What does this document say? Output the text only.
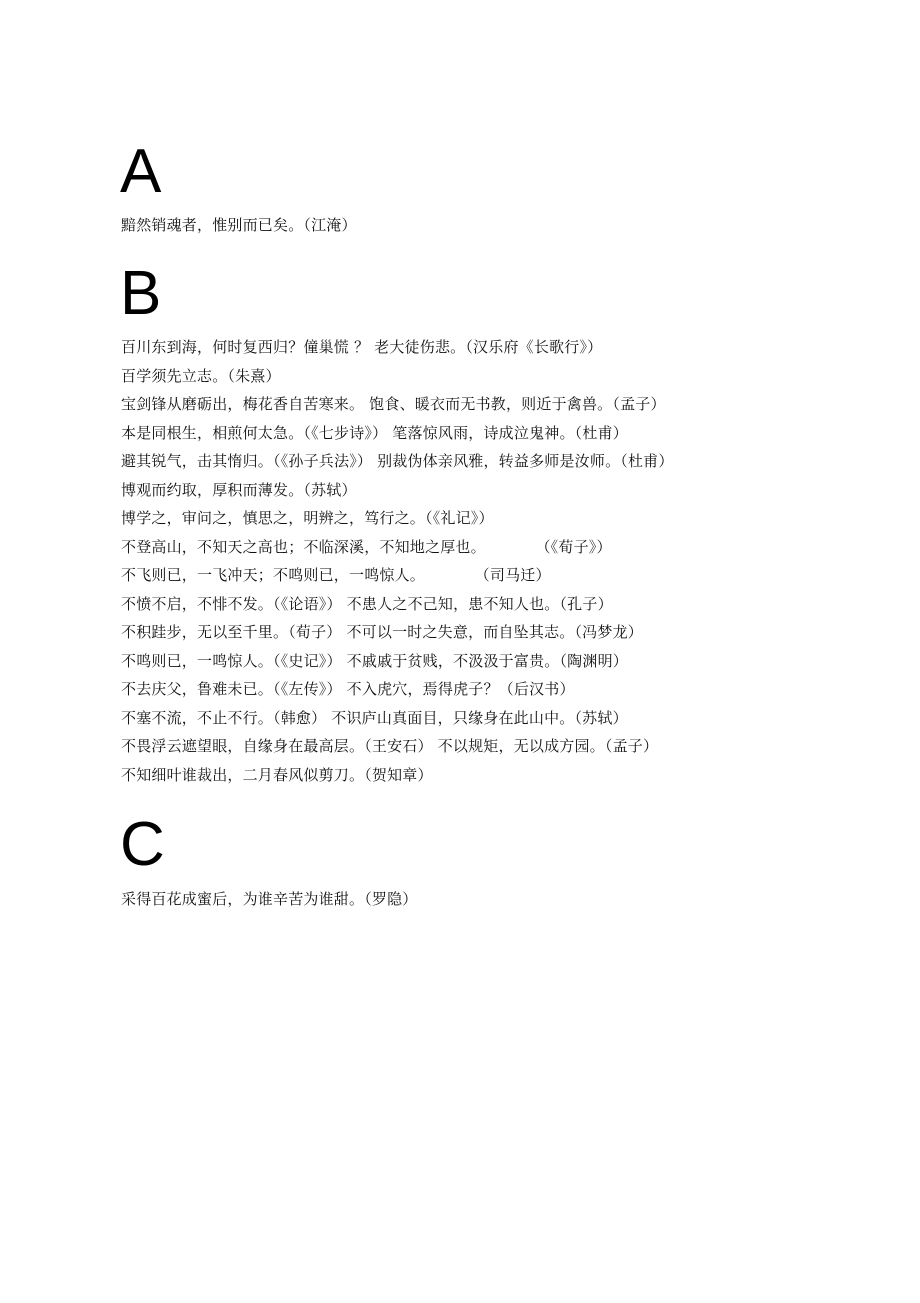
A
黯然销魂者，惟别而已矣。（江淹）
B
百川东到海，何时复西归？僮巢慌 ？ 老大徒伤悲。（汉乐府《长歌行》）
百学须先立志。（朱熹）
宝剑锋从磨砺出，梅花香自苦寒来。 饱食、暖衣而无书教，则近于禽兽。（孟子）
本是同根生，相煎何太急。（《七步诗》） 笔落惊风雨，诗成泣鬼神。（杜甫）
避其锐气，击其惰归。（《孙子兵法》） 别裁伪体亲风雅，转益多师是汝师。（杜甫）
博观而约取，厚积而薄发。（苏轼）
博学之，审问之，慎思之，明辨之，笃行之。（《礼记》）
不登高山，不知天之高也；不临深溪，不知地之厚也。          （《荀子》）
不飞则已，一飞冲天；不鸣则已，一鸣惊人。          （司马迁）
不愤不启，不悱不发。（《论语》） 不患人之不己知，患不知人也。（孔子）
不积跬步，无以至千里。（荀子） 不可以一时之失意，而自坠其志。（冯梦龙）
不鸣则已，一鸣惊人。（《史记》） 不戚戚于贫贱，不汲汲于富贵。（陶渊明）
不去庆父，鲁难未已。（《左传》） 不入虎穴，焉得虎子？（后汉书）
不塞不流，不止不行。（韩愈） 不识庐山真面目，只缘身在此山中。（苏轼）
不畏浮云遮望眼，自缘身在最高层。（王安石） 不以规矩，无以成方园。（孟子）
不知细叶谁裁出，二月春风似剪刀。（贺知章）
C
采得百花成蜜后，为谁辛苦为谁甜。（罗隐）
